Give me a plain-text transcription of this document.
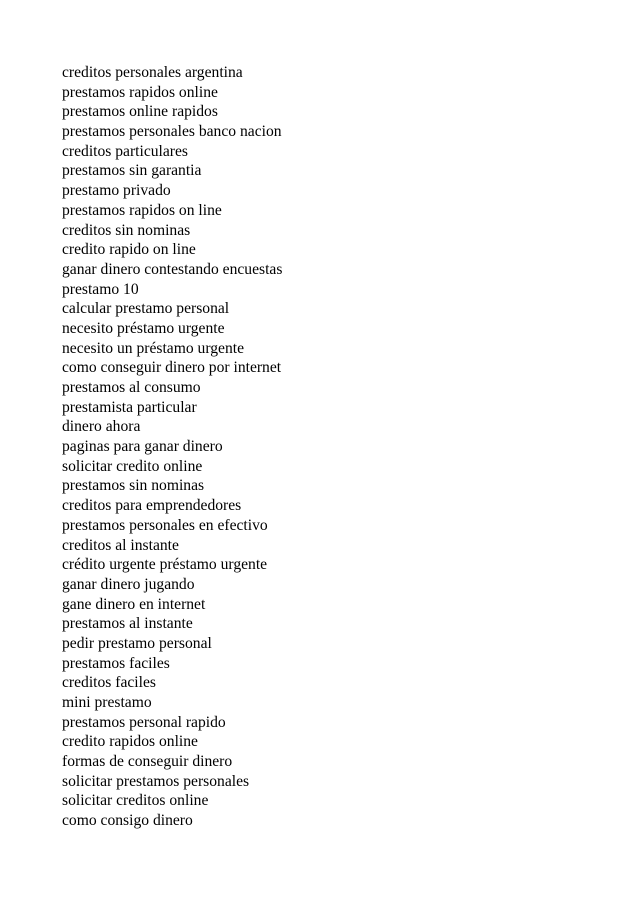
creditos personales argentina
prestamos rapidos online
prestamos online rapidos
prestamos personales banco nacion
creditos particulares
prestamos sin garantia
prestamo privado
prestamos rapidos on line
creditos sin nominas
credito rapido on line
ganar dinero contestando encuestas
prestamo 10
calcular prestamo personal
necesito préstamo urgente
necesito un préstamo urgente
como conseguir dinero por internet
prestamos al consumo
prestamista particular
dinero ahora
paginas para ganar dinero
solicitar credito online
prestamos sin nominas
creditos para emprendedores
prestamos personales en efectivo
creditos al instante
crédito urgente préstamo urgente
ganar dinero jugando
gane dinero en internet
prestamos al instante
pedir prestamo personal
prestamos faciles
creditos faciles
mini prestamo
prestamos personal rapido
credito rapidos online
formas de conseguir dinero
solicitar prestamos personales
solicitar creditos online
como consigo dinero
